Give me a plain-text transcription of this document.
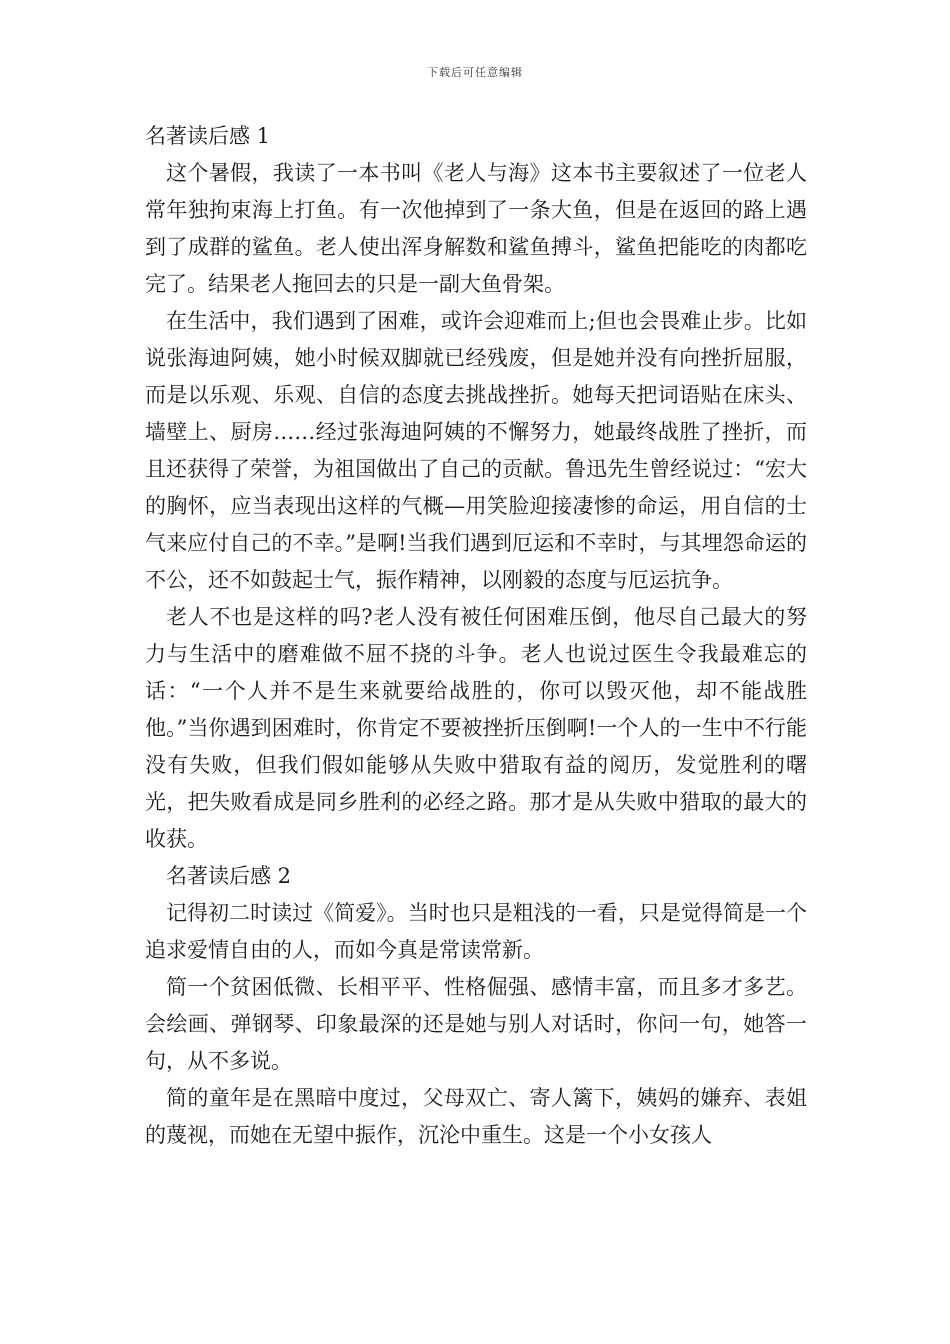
下载后可任意编辑

名著读后感 1

这个暑假，我读了一本书叫《老人与海》这本书主要叙述了一位老人常年独拘束海上打鱼。有一次他掉到了一条大鱼，但是在返回的路上遇到了成群的鲨鱼。老人使出浑身解数和鲨鱼搏斗，鲨鱼把能吃的肉都吃完了。结果老人拖回去的只是一副大鱼骨架。

在生活中，我们遇到了困难，或许会迎难而上;但也会畏难止步。比如说张海迪阿姨，她小时候双脚就已经残废，但是她并没有向挫折屈服，而是以乐观、乐观、自信的态度去挑战挫折。她每天把词语贴在床头、墙壁上、厨房……经过张海迪阿姨的不懈努力，她最终战胜了挫折，而且还获得了荣誉，为祖国做出了自己的贡献。鲁迅先生曾经说过：“宏大的胸怀，应当表现出这样的气概—用笑脸迎接凄惨的命运，用自信的士气来应付自己的不幸。”是啊!当我们遇到厄运和不幸时，与其埋怨命运的不公，还不如鼓起士气，振作精神，以刚毅的态度与厄运抗争。

老人不也是这样的吗?老人没有被任何困难压倒，他尽自己最大的努力与生活中的磨难做不屈不挠的斗争。老人也说过医生令我最难忘的话：“一个人并不是生来就要给战胜的，你可以毁灭他，却不能战胜他。”当你遇到困难时，你肯定不要被挫折压倒啊!一个人的一生中不行能没有失败，但我们假如能够从失败中猎取有益的阅历，发觉胜利的曙光，把失败看成是同乡胜利的必经之路。那才是从失败中猎取的最大的收获。

名著读后感 2

记得初二时读过《简爱》。当时也只是粗浅的一看，只是觉得简是一个追求爱情自由的人，而如今真是常读常新。

简一个贫困低微、长相平平、性格倔强、感情丰富，而且多才多艺。会绘画、弹钢琴、印象最深的还是她与别人对话时，你问一句，她答一句，从不多说。

简的童年是在黑暗中度过，父母双亡、寄人篱下，姨妈的嫌弃、表姐的蔑视，而她在无望中振作，沉沦中重生。这是一个小女孩人
